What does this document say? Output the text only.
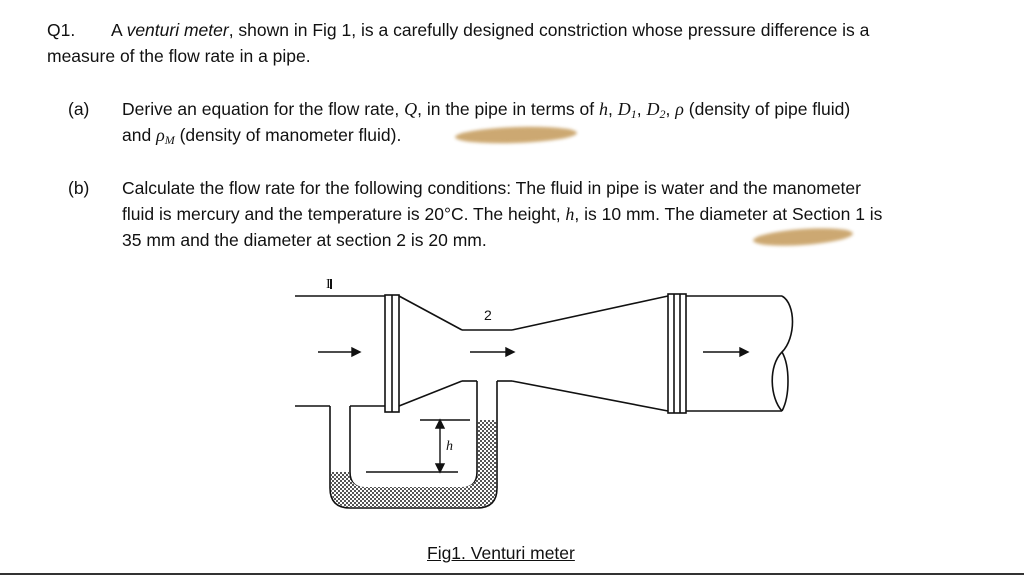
Q1. A venturi meter, shown in Fig 1, is a carefully designed constriction whose pressure difference is a
measure of the flow rate in a pipe.
(a) Derive an equation for the flow rate, Q, in the pipe in terms of h, $D_1$, $D_2$, ρ (density of pipe fluid)
and $\rho_M$ (density of manometer fluid).
(b) Calculate the flow rate for the following conditions: The fluid in pipe is water and the manometer
fluid is mercury and the temperature is 20°C. The height, h, is 10 mm. The diameter at Section 1 is
35 mm and the diameter at section 2 is 20 mm.
I
2
h
Fig1. Venturi meter
